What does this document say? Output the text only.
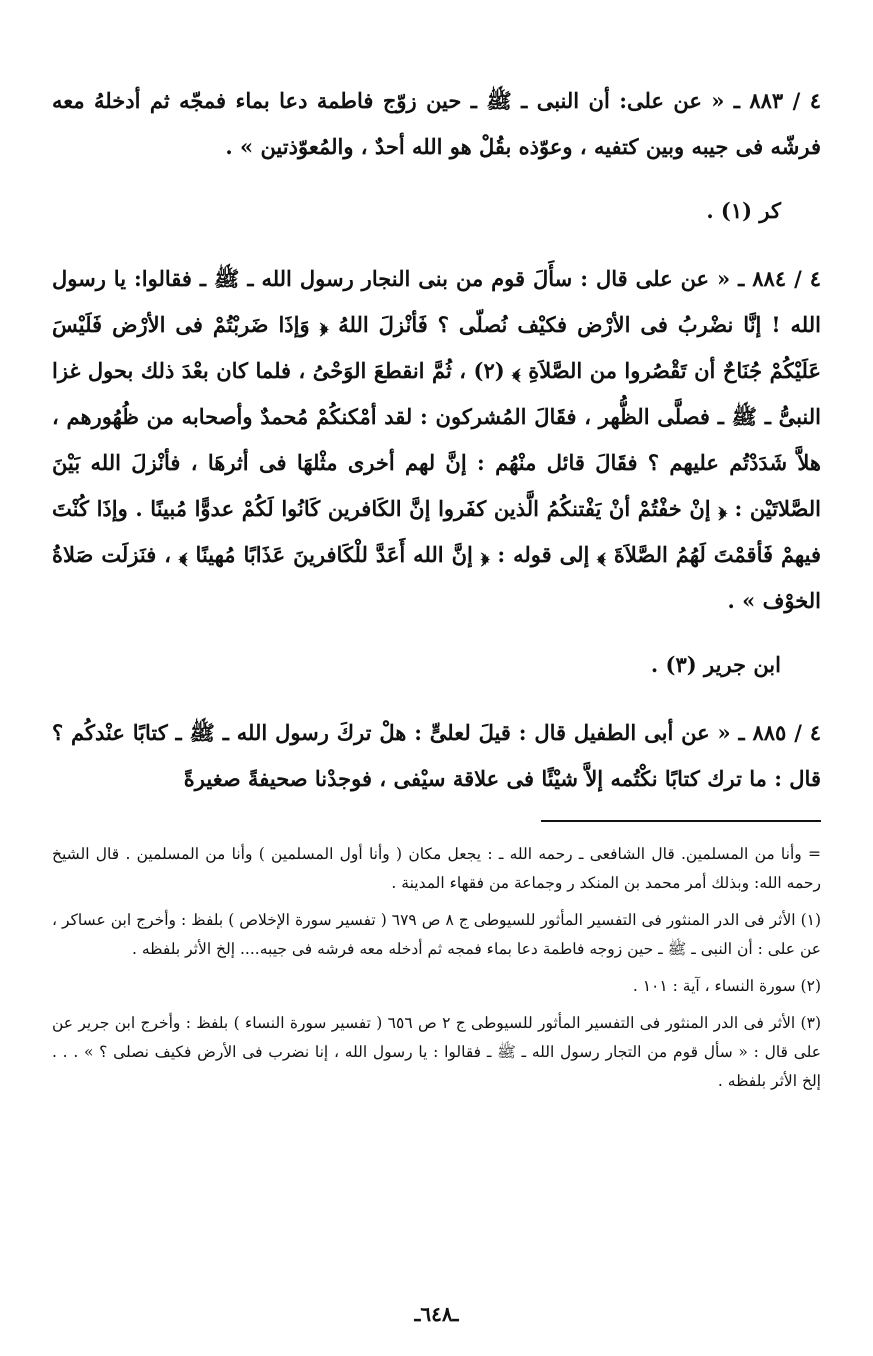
٤ / ٨٨٣ ـ « عن على: أن النبى ـ ﷺ ـ حين زوّج فاطمة دعا بماء فمجّه ثم أدخلهُ معه فرشّه فى جيبه وبين كتفيه ، وعوّذه بقُلْ هو الله أحدٌ ، والمُعوّذتين » .

كر (١) .

٤ / ٨٨٤ ـ « عن على قال : سأَلَ قوم من بنى النجار رسول الله ـ ﷺ ـ فقالوا: يا رسول الله ! إنَّا نضْربُ فى الأرْض فكيْف نُصلّى ؟ فَأنْزلَ اللهُ ﴿ وَإذَا ضَربْتُمْ فى الأرْض فَلَيْسَ عَلَيْكُمْ جُنَاحٌ أن تَقْصُروا من الصَّلاَةِ ﴾ (٢) ، ثُمَّ انقطعَ الوَحْىُ ، فلما كان بعْدَ ذلك بحول غزا النبىُّ ـ ﷺ ـ فصلَّى الظُّهر ، فقَالَ المُشركون : لقد أمْكنكُمْ مُحمدٌ وأصحابه من ظُهُورهم ، هلاَّ شَدَدْتُم عليهم ؟ فقَالَ قائل منْهُم : إنَّ لهم أخرى مثْلهَا فى أثرهَا ، فأنْزلَ الله بَيْنَ الصَّلاتَيْن : ﴿ إنْ خفْتُمْ أنْ يَفْتنكُمُ الَّذين كفَروا إنَّ الكَافرين كَانُوا لَكُمْ عدوًّا مُبينًا . وإذَا كُنْتَ فيهمْ فَأقمْتَ لَهُمُ الصَّلاَةَ ﴾ إلى قوله : ﴿ إنَّ الله أَعَدَّ للْكَافرينَ عَذَابًا مُهينًا ﴾ ، فنَزلَت صَلاةُ الخوْف » .

ابن جرير (٣) .

٤ / ٨٨٥ ـ « عن أبى الطفيل قال : قيلَ لعلىٍّ : هلْ تركَ رسول الله ـ ﷺ ـ كتابًا عنْدكُم ؟ قال : ما ترك كتابًا نكْتُمه إلاَّ شيْئًا فى علاقة سيْفى ، فوجدْنا صحيفةً صغيرةً

= وأنا من المسلمين. قال الشافعى ـ رحمه الله ـ : يجعل مكان ( وأنا أول المسلمين ) وأنا من المسلمين . قال الشيخ رحمه الله: وبذلك أمر محمد بن المنكد ر وجماعة من فقهاء المدينة .

(١) الأثر فى الدر المنثور فى التفسير المأثور للسيوطى ج ٨ ص ٦٧٩ ( تفسير سورة الإخلاص ) بلفظ : وأخرج ابن عساكر ، عن على : أن النبى ـ ﷺ ـ حين زوجه فاطمة دعا بماء فمجه ثم أدخله معه فرشه فى جيبه.... إلخ الأثر بلفظه .

(٢) سورة النساء ، آية : ١٠١ .

(٣) الأثر فى الدر المنثور فى التفسير المأثور للسيوطى ج ٢ ص ٦٥٦ ( تفسير سورة النساء ) بلفظ : وأخرج ابن جرير عن على قال : « سأل قوم من التجار رسول الله ـ ﷺ ـ فقالوا : يا رسول الله ، إنا نضرب فى الأرض فكيف نصلى ؟ » . . . إلخ الأثر بلفظه .

ـ٦٤٨ـ
